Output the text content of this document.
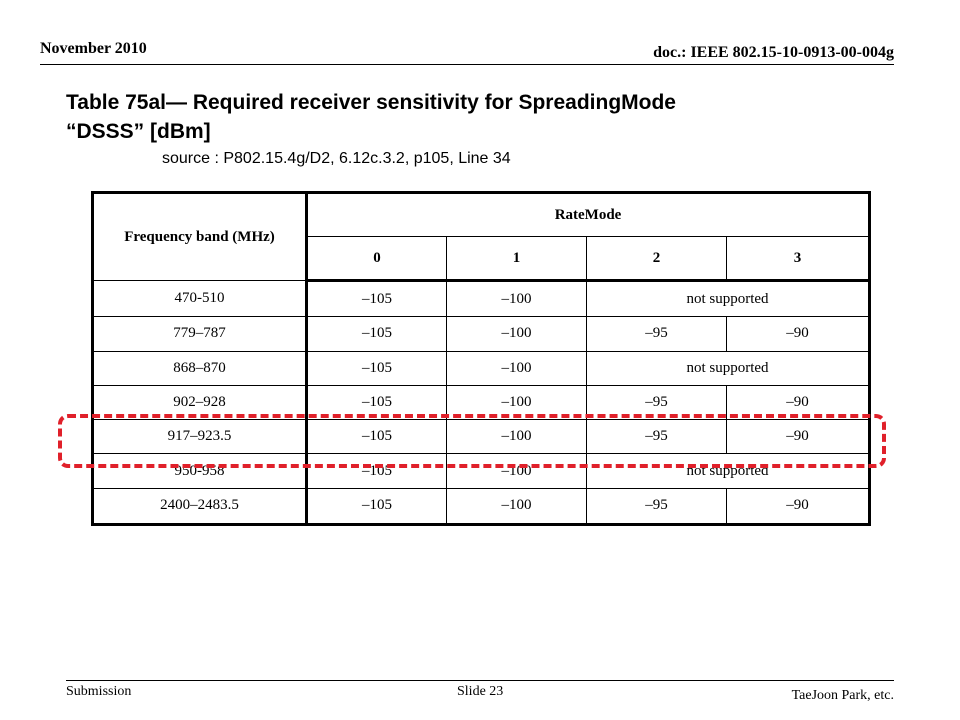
November 2010	doc.: IEEE 802.15-10-0913-00-004g
Table 75al— Required receiver sensitivity for SpreadingMode
“DSSS” [dBm]
source : P802.15.4g/D2, 6.12c.3.2, p105, Line 34
Frequency band (MHz)	RateMode			
	0	1	2	3
470-510	–105	–100	not supported	
779–787	–105	–100	–95	–90
868–870	–105	–100	not supported	
902–928	–105	–100	–95	–90
917–923.5	–105	–100	–95	–90
950-958	–105	–100	not supported	
2400–2483.5	–105	–100	–95	–90
Submission	Slide 23	TaeJoon Park, etc.
